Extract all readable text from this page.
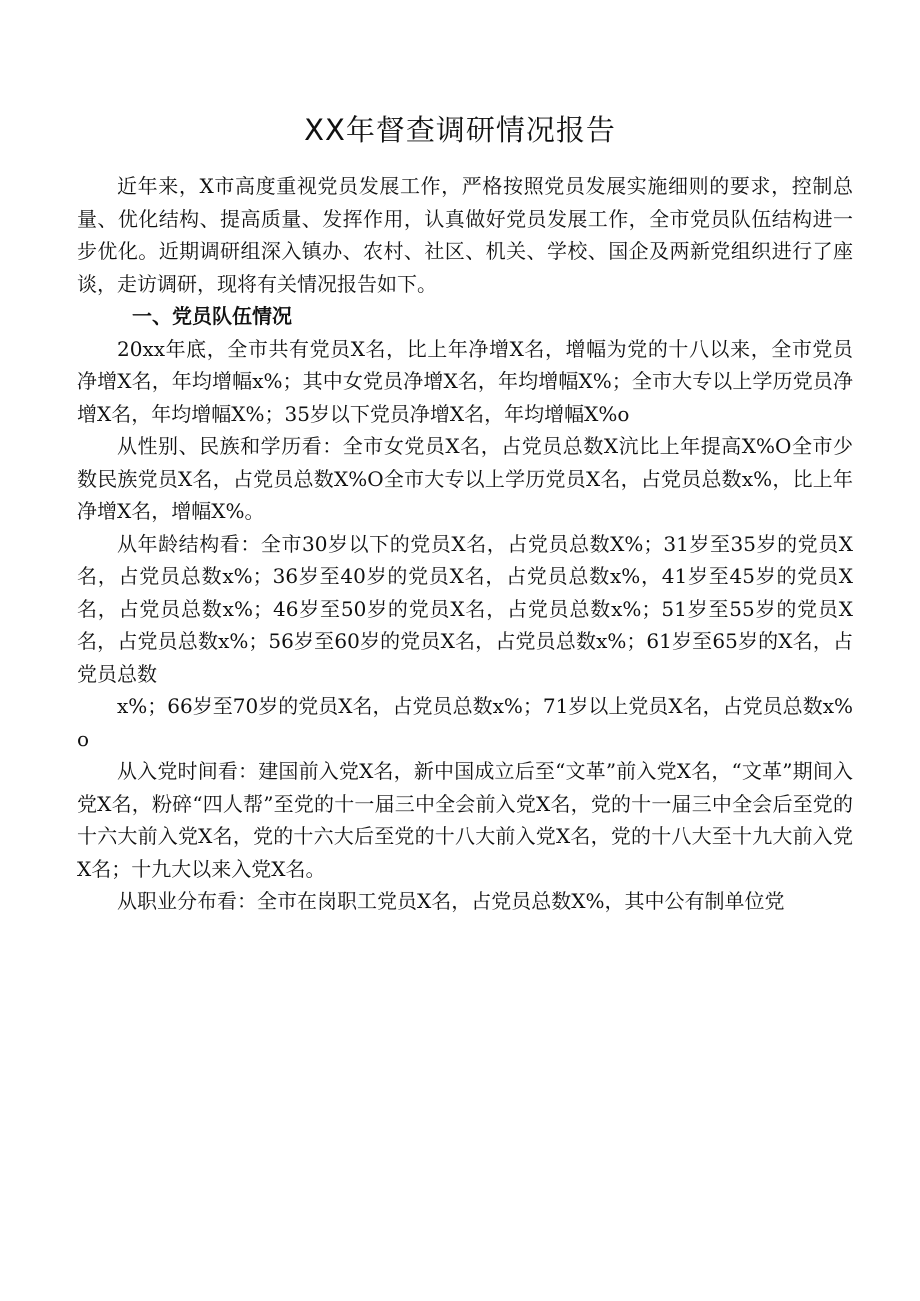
XX年督查调研情况报告

近年来，X市高度重视党员发展工作，严格按照党员发展实施细则的要求，控制总量、优化结构、提高质量、发挥作用，认真做好党员发展工作，全市党员队伍结构进一步优化。近期调研组深入镇办、农村、社区、机关、学校、国企及两新党组织进行了座谈，走访调研，现将有关情况报告如下。

一、党员队伍情况

20xx年底，全市共有党员X名，比上年净增X名，增幅为党的十八以来，全市党员净增X名，年均增幅x%；其中女党员净增X名，年均增幅X%；全市大专以上学历党员净增X名，年均增幅X%；35岁以下党员净增X名，年均增幅X%o

从性别、民族和学历看：全市女党员X名，占党员总数X沆比上年提高X%O全市少数民族党员X名，占党员总数X%O全市大专以上学历党员X名，占党员总数x%，比上年净增X名，增幅X%。

从年龄结构看：全市30岁以下的党员X名，占党员总数X%；31岁至35岁的党员X名，占党员总数x%；36岁至40岁的党员X名，占党员总数x%，41岁至45岁的党员X名，占党员总数x%；46岁至50岁的党员X名，占党员总数x%；51岁至55岁的党员X名，占党员总数x%；56岁至60岁的党员X名，占党员总数x%；61岁至65岁的X名，占党员总数

x%；66岁至70岁的党员X名，占党员总数x%；71岁以上党员X名，占党员总数x%o

从入党时间看：建国前入党X名，新中国成立后至“文革”前入党X名，“文革”期间入党X名，粉碎“四人帮”至党的十一届三中全会前入党X名，党的十一届三中全会后至党的十六大前入党X名，党的十六大后至党的十八大前入党X名，党的十八大至十九大前入党X名；十九大以来入党X名。

从职业分布看：全市在岗职工党员X名，占党员总数X%，其中公有制单位党
